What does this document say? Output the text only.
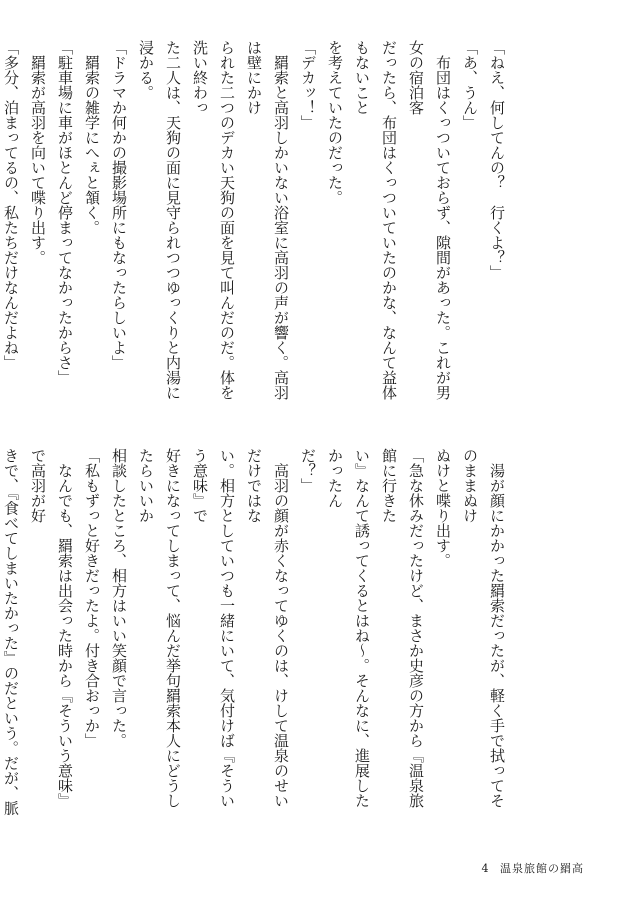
「ねえ、何してんの？　行くよ？」

「あ、うん」

　布団はくっついておらず、隙間があった。これが男女の宿泊客

だったら、布団はくっついていたのかな、なんて益体もないこと

を考えていたのだった。

「デカッ！」

　羂索と高羽しかいない浴室に高羽の声が響く。高羽は壁にかけ

られた二つのデカい天狗の面を見て叫んだのだ。体を洗い終わっ

た二人は、天狗の面に見守られつつゆっくりと内湯に浸かる。

「ドラマか何かの撮影場所にもなったらしいよ」

　羂索の雑学にへぇと頷く。

「駐車場に車がほとんど停まってなかったからさ」

　羂索が高羽を向いて喋り出す。

「多分、泊まってるの、私たちだけなんだよね」

　湯が顔にかかった羂索だったが、軽く手で拭ってそのままぬけ

ぬけと喋り出す。

「急な休みだったけど、まさか史彦の方から『温泉旅館に行きた

い』なんて誘ってくるとはね～。そんなに、進展したかったん

だ？」

　高羽の顔が赤くなってゆくのは、けして温泉のせいだけではな

い。相方としていつも一緒にいて、気付けば『そういう意味』で

好きになってしまって、悩んだ挙句羂索本人にどうしたらいいか

相談したところ、相方はいい笑顔で言った。

「私もずっと好きだったよ。付き合おっか」

　なんでも、羂索は出会った時から『そういう意味』で高羽が好

きで、『食べてしまいたかった』のだという。だが、脈

4 温泉旅館の羂高
